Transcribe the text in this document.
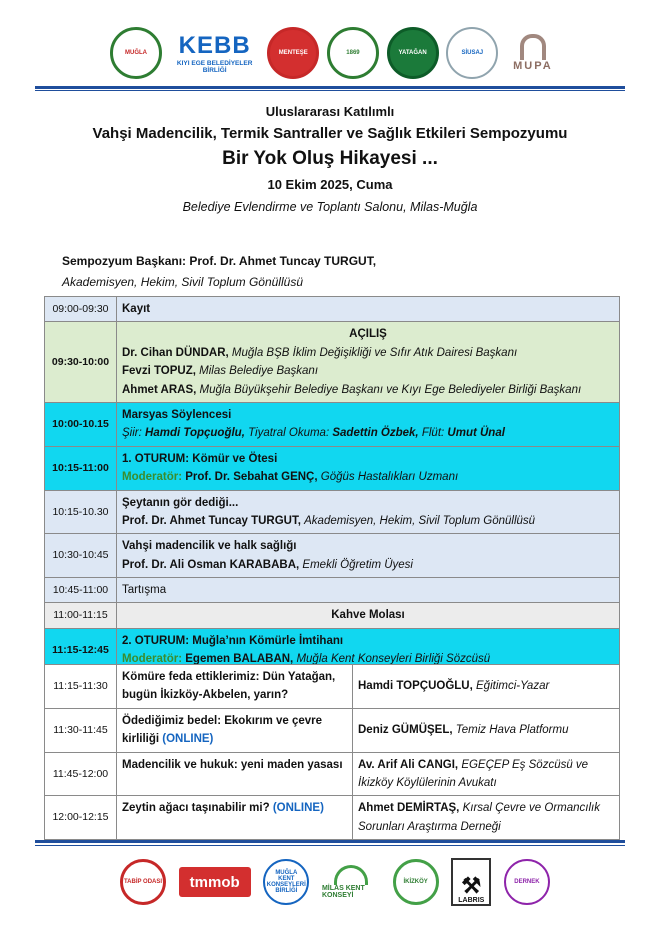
MUĞLA KEBB
KIYI EGE BELEDİYELER BİRLİĞİ
MENTEŞE	1869	YATAĞAN	SİUSAJ
MUPA
Uluslararası Katılımlı
Vahşi Madencilik, Termik Santraller ve Sağlık Etkileri Sempozyumu
Bir Yok Oluş Hikayesi ...
10 Ekim 2025, Cuma
Belediye Evlendirme ve Toplantı Salonu, Milas-Muğla
Sempozyum Başkanı: Prof. Dr. Ahmet Tuncay TURGUT,
Akademisyen, Hekim, Sivil Toplum Gönüllüsü
09:00-09:30	Kayıt
09:30-10:00	AÇILIŞ
Dr. Cihan DÜNDAR, Muğla BŞB İklim Değişikliği ve Sıfır Atık Dairesi Başkanı
Fevzi TOPUZ, Milas Belediye Başkanı
Ahmet ARAS, Muğla Büyükşehir Belediye Başkanı ve Kıyı Ege Belediyeler Birliği Başkanı

10:00-10.15	Marsyas Söylencesi
Şiir: Hamdi Topçuoğlu, Tiyatral Okuma: Sadettin Özbek, Flüt: Umut Ünal

10:15-11:00	1. OTURUM: Kömür ve Ötesi
Moderatör: Prof. Dr. Sebahat GENÇ, Göğüs Hastalıkları Uzmanı

10:15-10.30	Şeytanın gör dediği...
Prof. Dr. Ahmet Tuncay TURGUT, Akademisyen, Hekim, Sivil Toplum Gönüllüsü

10:30-10:45	Vahşi madencilik ve halk sağlığı
Prof. Dr. Ali Osman KARABABA, Emekli Öğretim Üyesi

10:45-11:00	Tartışma
11:00-11:15	Kahve Molası
11:15-12:45	2. OTURUM: Muğla’nın Kömürle İmtihanı
Moderatör: Egemen BALABAN, Muğla Kent Konseyleri Birliği Sözcüsü
11:15-11:30	Kömüre feda ettiklerimiz: Dün Yatağan, bugün İkizköy-Akbelen, yarın?	Hamdi TOPÇUOĞLU, Eğitimci-Yazar
11:30-11:45	Ödediğimiz bedel: Ekokırım ve çevre kirliliği (ONLINE)	Deniz GÜMÜŞEL, Temiz Hava Platformu
11:45-12:00	Madencilik ve hukuk: yeni maden yasası	Av. Arif Ali CANGI, EGEÇEP Eş Sözcüsü ve İkizköy Köylülerinin Avukatı
12:00-12:15	Zeytin ağacı taşınabilir mi? (ONLINE)	Ahmet DEMİRTAŞ, Kırsal Çevre ve Ormancılık Sorunları Araştırma Derneği
TABİP ODASI	tmmob
MUĞLA
KENT KONSEYLERİ BİRLİĞİ	MİLAS KENT KONSEYİ
İKİZKÖY ⚒
LABRIS
DERNEK
